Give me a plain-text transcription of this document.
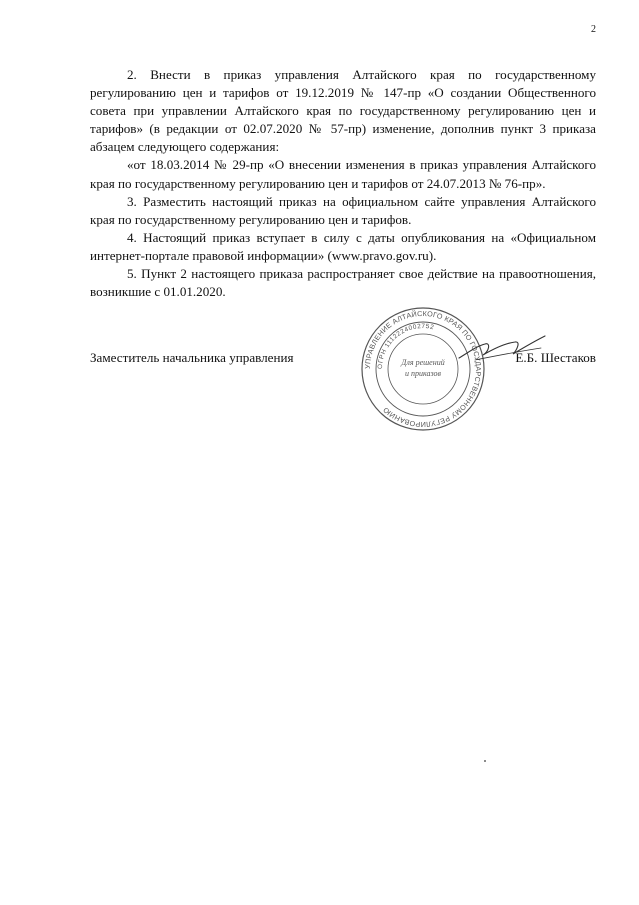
2

2. Внести в приказ управления Алтайского края по государственному регулированию цен и тарифов от 19.12.2019 № 147-пр «О создании Общественного совета при управлении Алтайского края по государственному регулированию цен и тарифов» (в редакции от 02.07.2020 № 57-пр) изменение, дополнив пункт 3 приказа абзацем следующего содержания:

«от 18.03.2014 № 29-пр «О внесении изменения в приказ управления Алтайского края по государственному регулированию цен и тарифов от 24.07.2013 № 76-пр».

3. Разместить настоящий приказ на официальном сайте управления Алтайского края по государственному регулированию цен и тарифов.

4. Настоящий приказ вступает в силу с даты опубликования на «Официальном интернет-портале правовой информации» (www.pravo.gov.ru).

5. Пункт 2 настоящего приказа распространяет свое действие на правоотношения, возникшие с 01.01.2020.

УПРАВЛЕНИЕ АЛТАЙСКОГО КРАЯ ПО ГОСУДАРСТВЕННОМУ РЕГУЛИРОВАНИЮ
ОГРН 1112224002752
Для решений
и приказов
Заместитель начальника управления	Е.Б. Шестаков
